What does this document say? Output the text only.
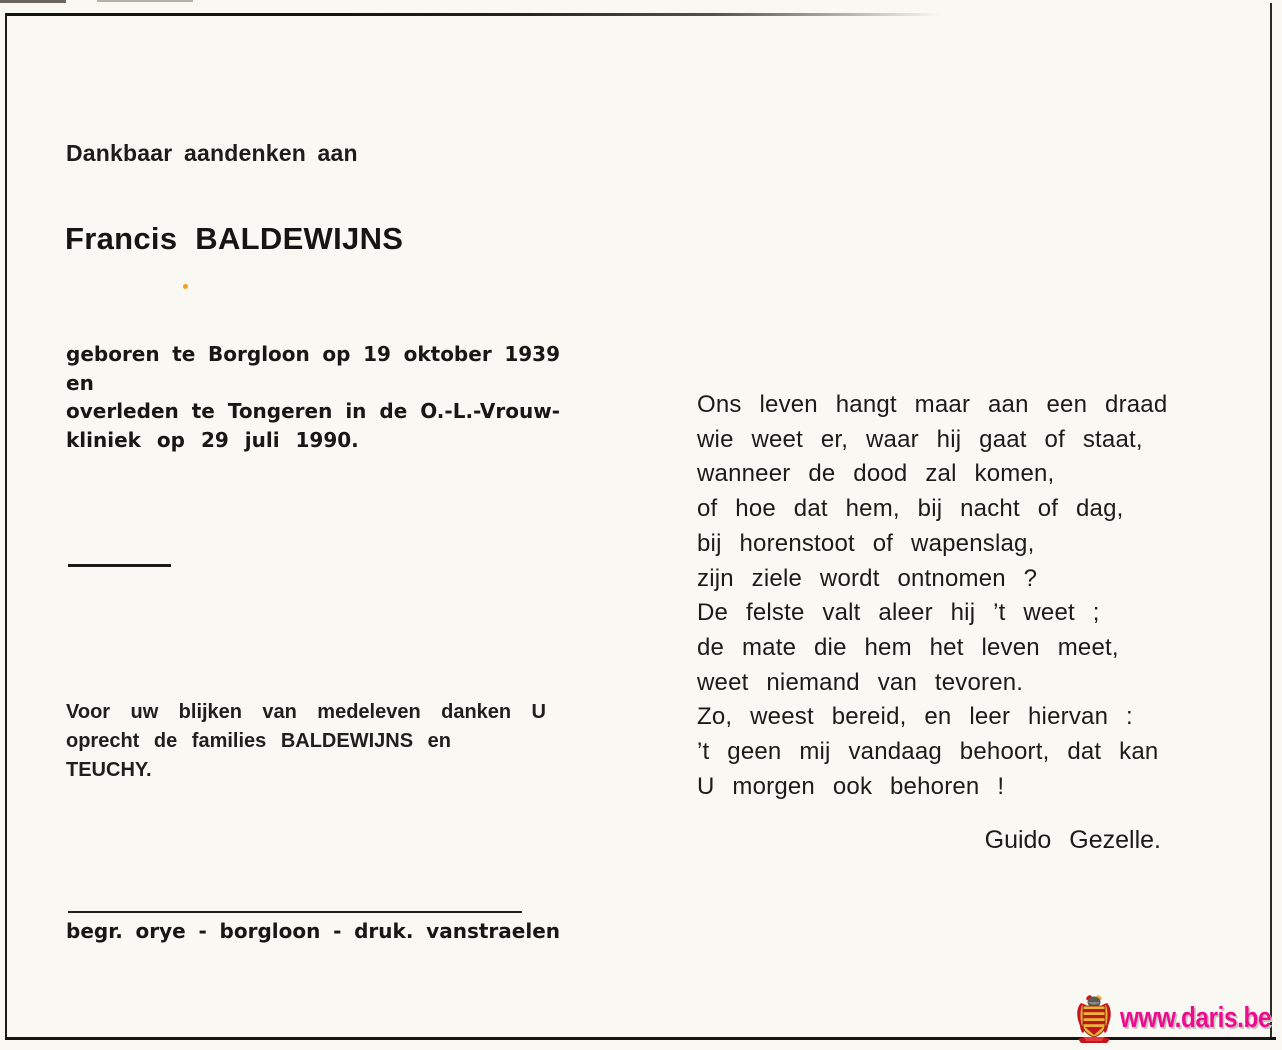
Dankbaar aandenken aan
Francis BALDEWIJNS
geboren te Borgloon op 19 oktober 1939 en
overleden te Tongeren in de O.-L.-Vrouw-
kliniek op 29 juli 1990.
Voor uw blijken van medeleven danken U
oprecht de families BALDEWIJNS en
TEUCHY.
begr. orye - borgloon - druk. vanstraelen
Ons leven hangt maar aan een draad
wie weet er, waar hij gaat of staat,
wanneer de dood zal komen,
of hoe dat hem, bij nacht of dag,
bij horenstoot of wapenslag,
zijn ziele wordt ontnomen ?
De felste valt aleer hij ’t weet ;
de mate die hem het leven meet,
weet niemand van tevoren.
Zo, weest bereid, en leer hiervan :
’t geen mij vandaag behoort, dat kan
U morgen ook behoren !
Guido Gezelle.
www.daris.be
